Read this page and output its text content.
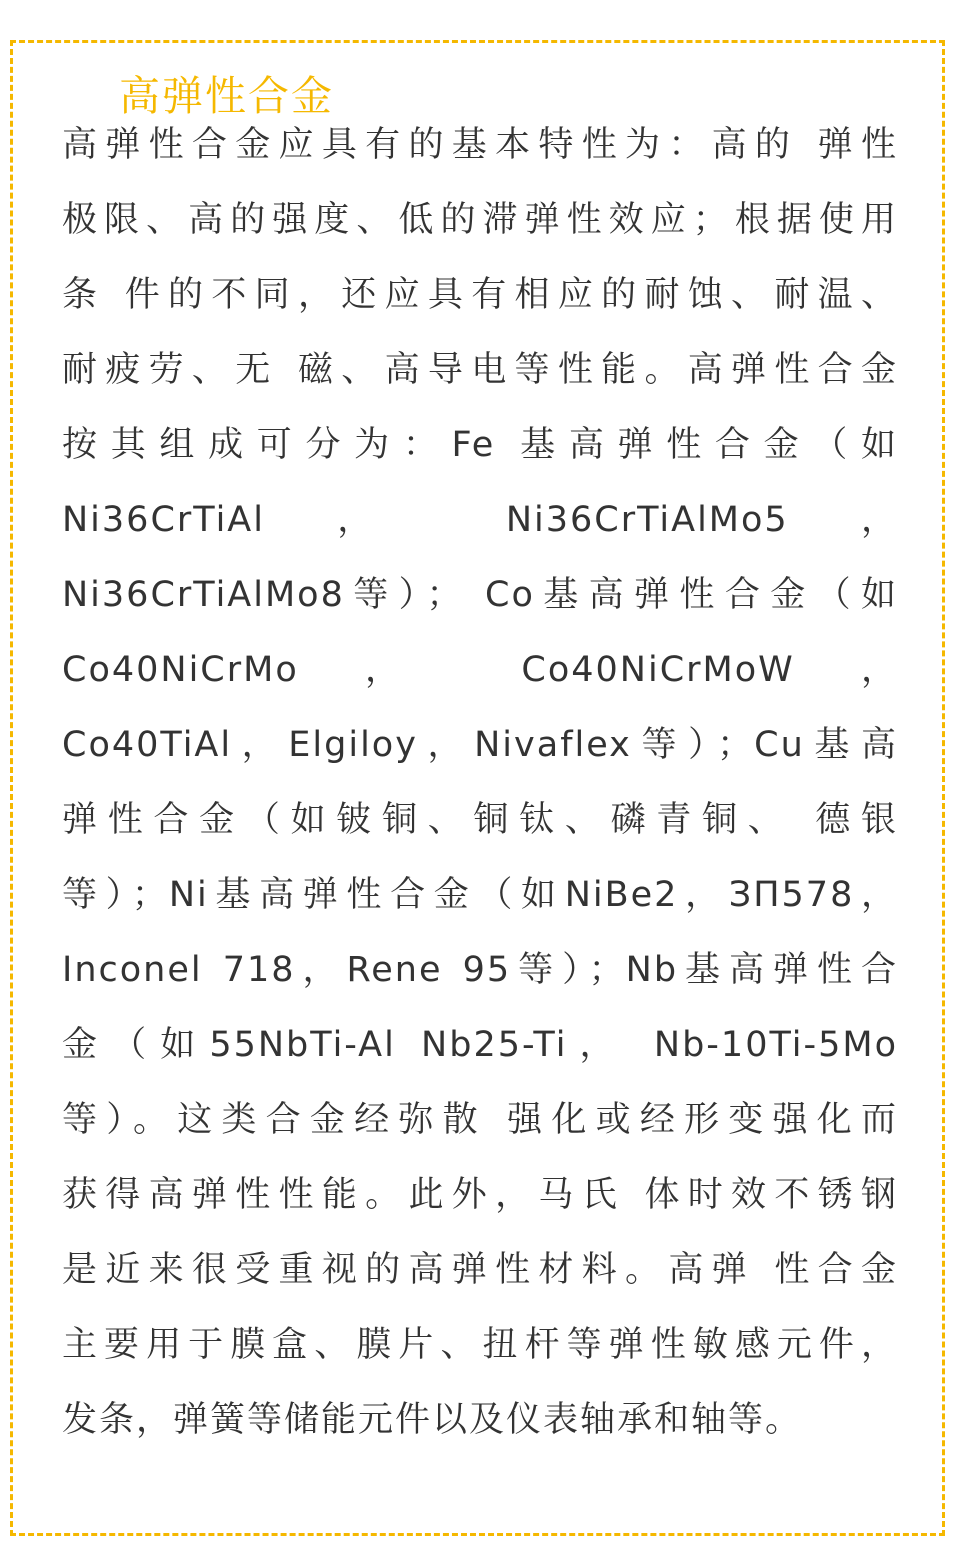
高弹性合金
高弹性合金应具有的基本特性为：高的 弹性
极限、高的强度、低的滞弹性效应；根据使用
条 件的不同，还应具有相应的耐蚀、耐温、
耐疲劳、无 磁、高导电等性能。高弹性合金
按其组成可分为：Fe 基高弹性合金（如
Ni36CrTiAl ， Ni36CrTiAlMo5 ，
Ni36CrTiAlMo8等）； Co基高弹性合金（如
Co40NiCrMo ， Co40NiCrMoW ，
Co40TiAl，Elgiloy，Nivaflex等）；Cu基高
弹性合金（如铍铜、铜钛、磷青铜、 德银
等）；Ni基高弹性合金（如NiBe2，ЗП578，
Inconel 718，Rene 95等）；Nb基高弹性合
金（如55NbTi-Al Nb25-Ti， Nb-10Ti-5Mo
等）。这类合金经弥散 强化或经形变强化而
获得高弹性性能。此外，马氏 体时效不锈钢
是近来很受重视的高弹性材料。高弹 性合金
主要用于膜盒、膜片、扭杆等弹性敏感元件，
发条，弹簧等储能元件以及仪表轴承和轴等。
